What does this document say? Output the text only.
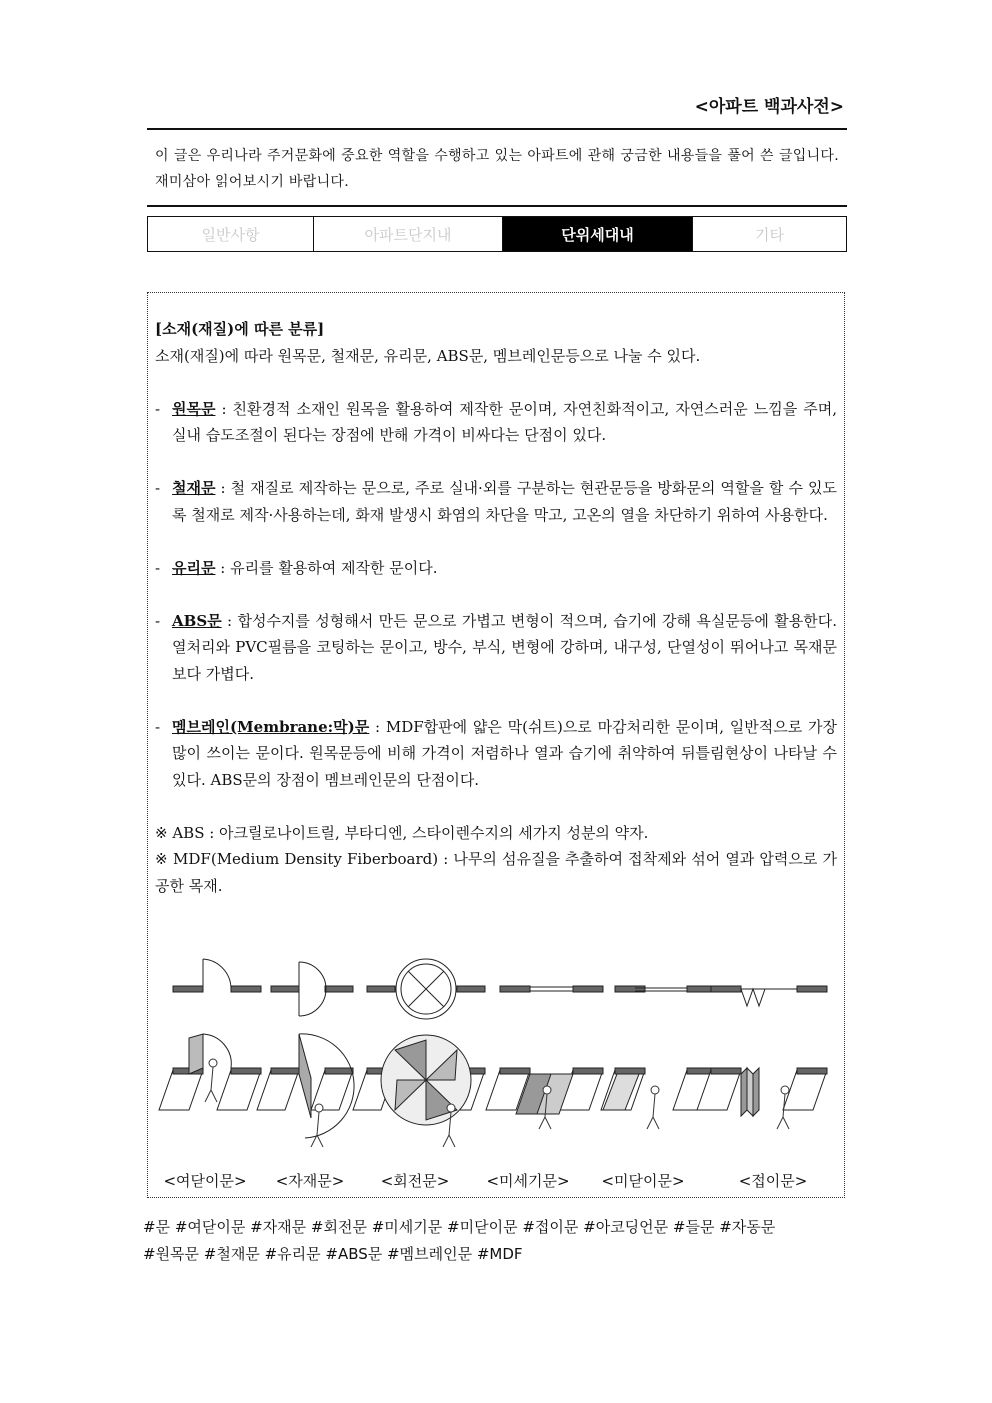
<아파트 백과사전>
이 글은 우리나라 주거문화에 중요한 역할을 수행하고 있는 아파트에 관해 궁금한 내용들을 풀어 쓴 글입니다. 재미삼아 읽어보시기 바랍니다.
일반사항	아파트단지내	단위세대내	기타

[소재(재질)에 따른 분류]

소재(재질)에 따라 원목문, 철재문, 유리문, ABS문, 멤브레인문등으로 나눌 수 있다.

- 원목문 : 친환경적 소재인 원목을 활용하여 제작한 문이며, 자연친화적이고, 자연스러운 느낌을 주며, 실내 습도조절이 된다는 장점에 반해 가격이 비싸다는 단점이 있다.

- 철재문 : 철 재질로 제작하는 문으로, 주로 실내·외를 구분하는 현관문등을 방화문의 역할을 할 수 있도록 철재로 제작·사용하는데, 화재 발생시 화염의 차단을 막고, 고온의 열을 차단하기 위하여 사용한다.

- 유리문 : 유리를 활용하여 제작한 문이다.

- ABS문 : 합성수지를 성형해서 만든 문으로 가볍고 변형이 적으며, 습기에 강해 욕실문등에 활용한다. 열처리와 PVC필름을 코팅하는 문이고, 방수, 부식, 변형에 강하며, 내구성, 단열성이 뛰어나고 목재문보다 가볍다.

- 멤브레인(Membrane:막)문 : MDF합판에 얇은 막(쉬트)으로 마감처리한 문이며, 일반적으로 가장 많이 쓰이는 문이다. 원목문등에 비해 가격이 저렴하나 열과 습기에 취약하여 뒤틀림현상이 나타날 수 있다. ABS문의 장점이 멤브레인문의 단점이다.

※ ABS : 아크릴로나이트릴, 부타디엔, 스타이렌수지의 세가지 성분의 약자.

※ MDF(Medium Density Fiberboard) : 나무의 섬유질을 추출하여 접착제와 섞어 열과 압력으로 가공한 목재.

<여닫이문> <자재문> <회전문> <미세기문> <미닫이문>	<접이문>

#문 #여닫이문 #자재문 #회전문 #미세기문 #미닫이문 #접이문 #아코딩언문 #들문 #자동문

#원목문 #철재문 #유리문 #ABS문 #멤브레인문 #MDF
